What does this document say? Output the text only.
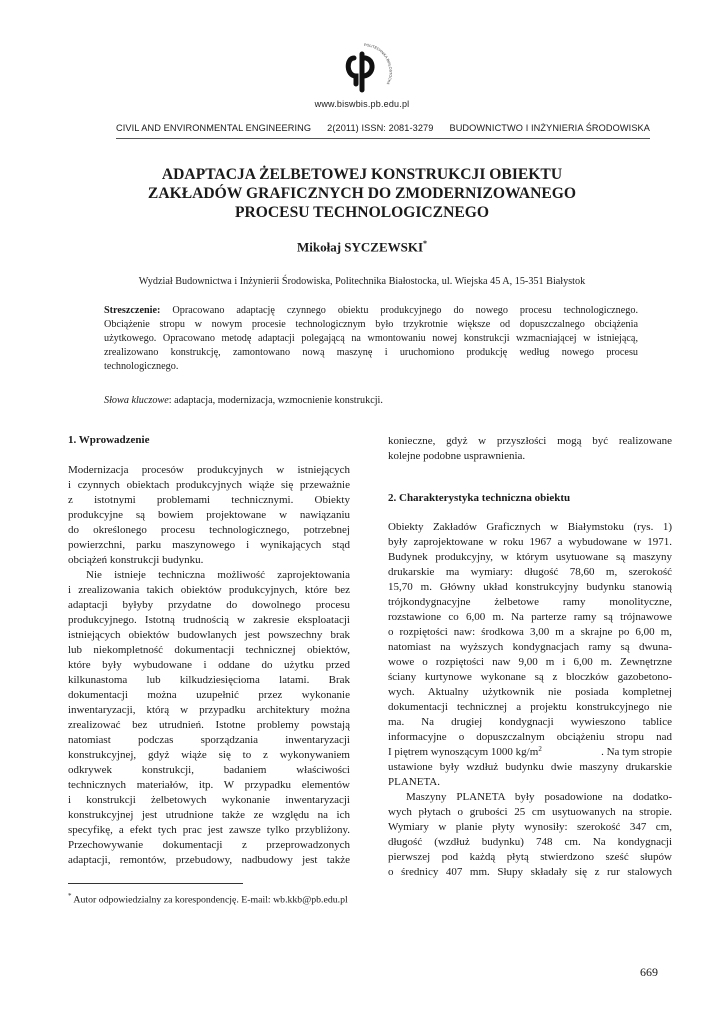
POLITECHNIKA BIAŁOSTOCKA
www.biswbis.pb.edu.pl
CIVIL AND ENVIRONMENTAL ENGINEERING 2(2011) ISSN: 2081-3279 BUDOWNICTWO I INŻYNIERIA ŚRODOWISKA
ADAPTACJA ŻELBETOWEJ KONSTRUKCJI OBIEKTU
ZAKŁADÓW GRAFICZNYCH DO ZMODERNIZOWANEGO
PROCESU TECHNOLOGICZNEGO
Mikołaj SYCZEWSKI*
Wydział Budownictwa i Inżynierii Środowiska, Politechnika Białostocka, ul. Wiejska 45 A, 15-351 Białystok
Streszczenie: Opracowano adaptację czynnego obiektu produkcyjnego do nowego procesu technologicznego.
Obciążenie stropu w nowym procesie technologicznym było trzykrotnie większe od dopuszczalnego obciążenia
użytkowego. Opracowano metodę adaptacji polegającą na wmontowaniu nowej konstrukcji wzmacniającej w istniejącą,
zrealizowano konstrukcję, zamontowano nową maszynę i uruchomiono produkcję według nowego procesu
technologicznego.
Słowa kluczowe: adaptacja, modernizacja, wzmocnienie konstrukcji.
1. Wprowadzenie
Modernizacja procesów produkcyjnych w istniejących
i czynnych obiektach produkcyjnych wiąże się przeważnie
z istotnymi problemami technicznymi. Obiekty
produkcyjne są bowiem projektowane w nawiązaniu
do określonego procesu technologicznego, potrzebnej
powierzchni, parku maszynowego i wynikających stąd
obciążeń konstrukcji budynku.
Nie istnieje techniczna możliwość zaprojektowania
i zrealizowania takich obiektów produkcyjnych, które bez
adaptacji byłyby przydatne do dowolnego procesu
produkcyjnego. Istotną trudnością w zakresie eksploatacji
istniejących obiektów budowlanych jest powszechny brak
lub niekompletność dokumentacji technicznej obiektów,
które były wybudowane i oddane do użytku przed
kilkunastoma lub kilkudziesięcioma latami. Brak
dokumentacji można uzupełnić przez wykonanie
inwentaryzacji, którą w przypadku architektury można
zrealizować bez utrudnień. Istotne problemy powstają
natomiast podczas sporządzania inwentaryzacji
konstrukcyjnej, gdyż wiąże się to z wykonywaniem
odkrywek konstrukcji, badaniem właściwości
technicznych materiałów, itp. W przypadku elementów
i konstrukcji żelbetowych wykonanie inwentaryzacji
konstrukcyjnej jest utrudnione także ze względu na ich
specyfikę, a efekt tych prac jest zawsze tylko przybliżony.
Przechowywanie dokumentacji z przeprowadzonych
adaptacji, remontów, przebudowy, nadbudowy jest także
konieczne, gdyż w przyszłości mogą być realizowane
kolejne podobne usprawnienia.
2. Charakterystyka techniczna obiektu
Obiekty Zakładów Graficznych w Białymstoku (rys. 1)
były zaprojektowane w roku 1967 a wybudowane w 1971.
Budynek produkcyjny, w którym usytuowane są maszyny
drukarskie ma wymiary: długość 78,60 m, szerokość
15,70 m. Główny układ konstrukcyjny budynku stanowią
trójkondygnacyjne żelbetowe ramy monolityczne,
rozstawione co 6,00 m. Na parterze ramy są trójnawowe
o rozpiętości naw: środkowa 3,00 m a skrajne po 6,00 m,
natomiast na wyższych kondygnacjach ramy są dwuna-
wowe o rozpiętości naw 9,00 m i 6,00 m. Zewnętrzne
ściany kurtynowe wykonane są z bloczków gazobetono-
wych. Aktualny użytkownik nie posiada kompletnej
dokumentacji technicznej a projektu konstrukcyjnego nie
ma. Na drugiej kondygnacji wywieszono tablice
informacyjne o dopuszczalnym obciążeniu stropu nad
I piętrem wynoszącym 1000 $kg/m^2$	. Na tym stropie
ustawione były wzdłuż budynku dwie maszyny drukarskie
PLANETA.
Maszyny PLANETA były posadowione na dodatko-
wych płytach o grubości 25 cm usytuowanych na stropie.
Wymiary w planie płyty wynosiły: szerokość 347 cm,
długość (wzdłuż budynku) 748 cm. Na kondygnacji
pierwszej pod każdą płytą stwierdzono sześć słupów
o średnicy 407 mm. Słupy składały się z rur stalowych
* Autor odpowiedzialny za korespondencję. E-mail: wb.kkb@pb.edu.pl
669
